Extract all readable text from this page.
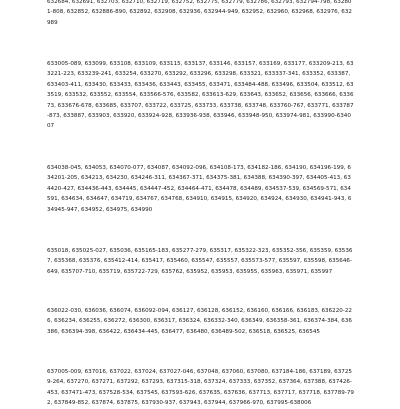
632684, 632691, 632703, 632710, 632719, 632752, 632775, 632779, 632786, 632793, 632794-798, 632801-808, 632852, 632886-890, 632892, 632908, 632936, 632944-949, 632952, 632960, 632968, 632976, 632989

633005-089, 633099, 633108, 633109, 633115, 633137, 633146, 633157, 633169, 633177, 633209-213, 633221-223, 633239-241, 633254, 633270, 633292, 633296, 633298, 633321, 633337-341, 633352, 633387, 633403-411, 633430, 633433, 633436, 633443, 633455, 633471, 633484-488, 633496, 633504, 633512, 633519, 633532, 633552, 633554, 633566-576, 633582, 633613-629, 633643, 633652, 633656, 633666, 633673, 633676-678, 633685, 633707, 633722, 633725, 633733, 633738, 633748, 633760-767, 633771, 633787-873, 633887, 633903, 633920, 633924-928, 633936-938, 633946, 633948-950, 633974-981, 633990-634007

634038-045, 634053, 634070-077, 634087, 634092-096, 634108-173, 634182-186, 634190, 634196-199, 634201-205, 634213, 634230, 634246-311, 634367-371, 634375-381, 634388, 634390-397, 634405-413, 634420-427, 634436-443, 634445, 634447-452, 634464-471, 634478, 634489, 634537-539, 634569-571, 634591, 634634, 634647, 634719, 634767, 634768, 634910, 634915, 634920, 634924, 634930, 634941-943, 634945-947, 634952, 634975, 634990

635018, 635025-027, 635036, 635165-183, 635277-279, 635317, 635322-323, 635352-356, 635359, 635367, 635368, 635376, 635412-414, 635417, 635460, 635547, 635557, 635573-577, 635597, 635598, 635646-649, 635707-710, 635719, 635722-729, 635762, 635952, 635953, 635955, 635963, 635971, 635997

636022-030, 636036, 636074, 636092-094, 636127, 636128, 636152, 636160, 636166, 636183, 636220-226, 636234, 636255, 636272, 636300, 636317, 636324, 636332-340, 636349, 636358-361, 636374-384, 636386, 636394-398, 636422, 636434-445, 636477, 636480, 636489-502, 636518, 636525, 636545

637005-009, 637016, 637022, 637024, 637027-046, 637048, 637060, 637080, 637184-186, 637189, 637259-264, 637270, 637271, 637292, 637293, 637315-318, 637324, 637333, 637352, 637364, 637388, 637426-453, 637471-473, 637528-534, 637545, 637593-626, 637635, 637636, 637713, 637717, 637718, 637789-792, 637849-852, 637874, 637875, 637930-937, 637943, 637944, 637966-970, 637995-638006
